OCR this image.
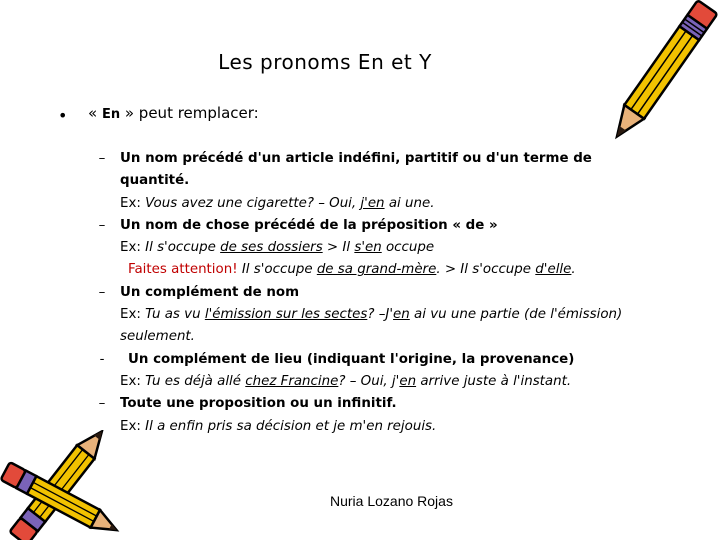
Les pronoms En et Y
• « En » peut remplacer:
– Un nom précédé d'un article indéfini, partitif ou d'un terme de quantité.
Ex: Vous avez une cigarette? – Oui, j'en ai une.
– Un nom de chose précédé de la préposition « de »
Ex: Il s'occupe de ses dossiers > Il s'en occupe
Faites attention! Il s'occupe de sa grand-mère. > Il s'occupe d'elle.
– Un complément de nom
Ex: Tu as vu l'émission sur les sectes? –J'en ai vu une partie (de l'émission) seulement.
-	Un complément de lieu (indiquant l'origine, la provenance)
Ex: Tu es déjà allé chez Francine? – Oui, j'en arrive juste à l'instant.
– Toute une proposition ou un infinitif.
Ex: Il a enfin pris sa décision et je m'en rejouis.
Nuria Lozano Rojas
